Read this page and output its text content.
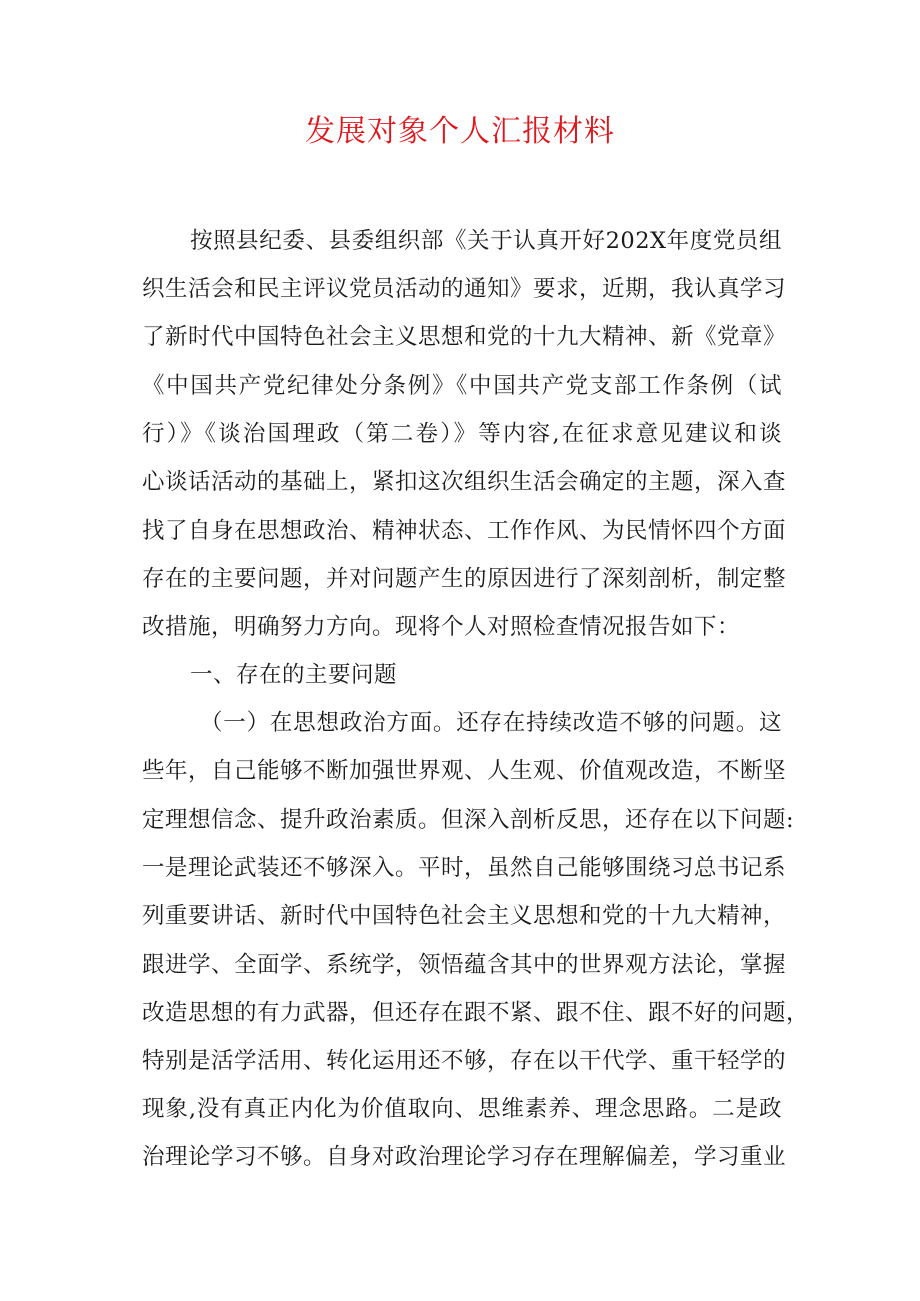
发展对象个人汇报材料
按照县纪委、县委组织部《关于认真开好202X年度党员组
织生活会和民主评议党员活动的通知》要求，近期，我认真学习
了新时代中国特色社会主义思想和党的十九大精神、新《党章》
《中国共产党纪律处分条例》《中国共产党支部工作条例（试
行）》《谈治国理政（第二卷）》等内容,在征求意见建议和谈
心谈话活动的基础上，紧扣这次组织生活会确定的主题，深入查
找了自身在思想政治、精神状态、工作作风、为民情怀四个方面
存在的主要问题，并对问题产生的原因进行了深刻剖析，制定整
改措施，明确努力方向。现将个人对照检查情况报告如下：
一、存在的主要问题
（一）在思想政治方面。还存在持续改造不够的问题。这
些年，自己能够不断加强世界观、人生观、价值观改造，不断坚
定理想信念、提升政治素质。但深入剖析反思，还存在以下问题:
一是理论武装还不够深入。平时，虽然自己能够围绕习总书记系
列重要讲话、新时代中国特色社会主义思想和党的十九大精神，
跟进学、全面学、系统学，领悟蕴含其中的世界观方法论，掌握
改造思想的有力武器，但还存在跟不紧、跟不住、跟不好的问题，
特别是活学活用、转化运用还不够，存在以干代学、重干轻学的
现象,没有真正内化为价值取向、思维素养、理念思路。二是政
治理论学习不够。自身对政治理论学习存在理解偏差，学习重业
